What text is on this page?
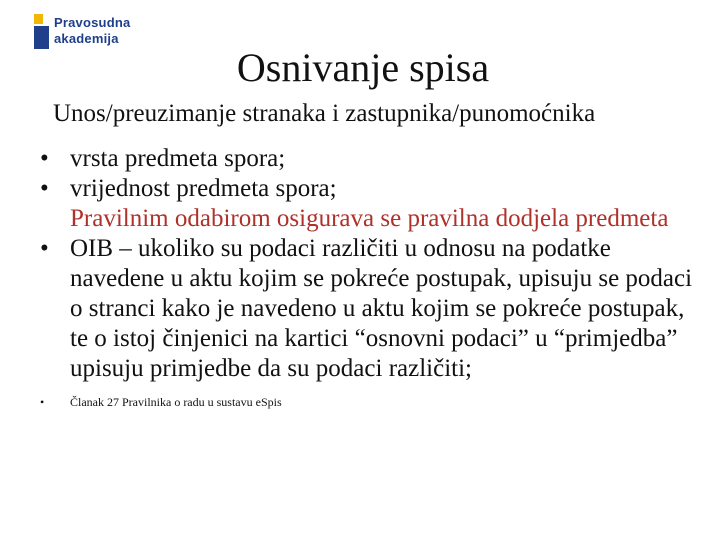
Pravosudna
akademija
Osnivanje spisa
Unos/preuzimanje stranaka i zastupnika/punomoćnika
• vrsta predmeta spora;
• vrijednost predmeta spora;
Pravilnim odabirom osigurava se pravilna dodjela predmeta
• OIB – ukoliko su podaci različiti u odnosu na podatke navedene u aktu kojim se pokreće postupak, upisuju se podaci o stranci kako je navedeno u aktu kojim se pokreće postupak, te o istoj činjenici na kartici “osnovni podaci” u “primjedba” upisuju primjedbe da su podaci različiti;
•	Članak 27 Pravilnika o radu u sustavu eSpis
